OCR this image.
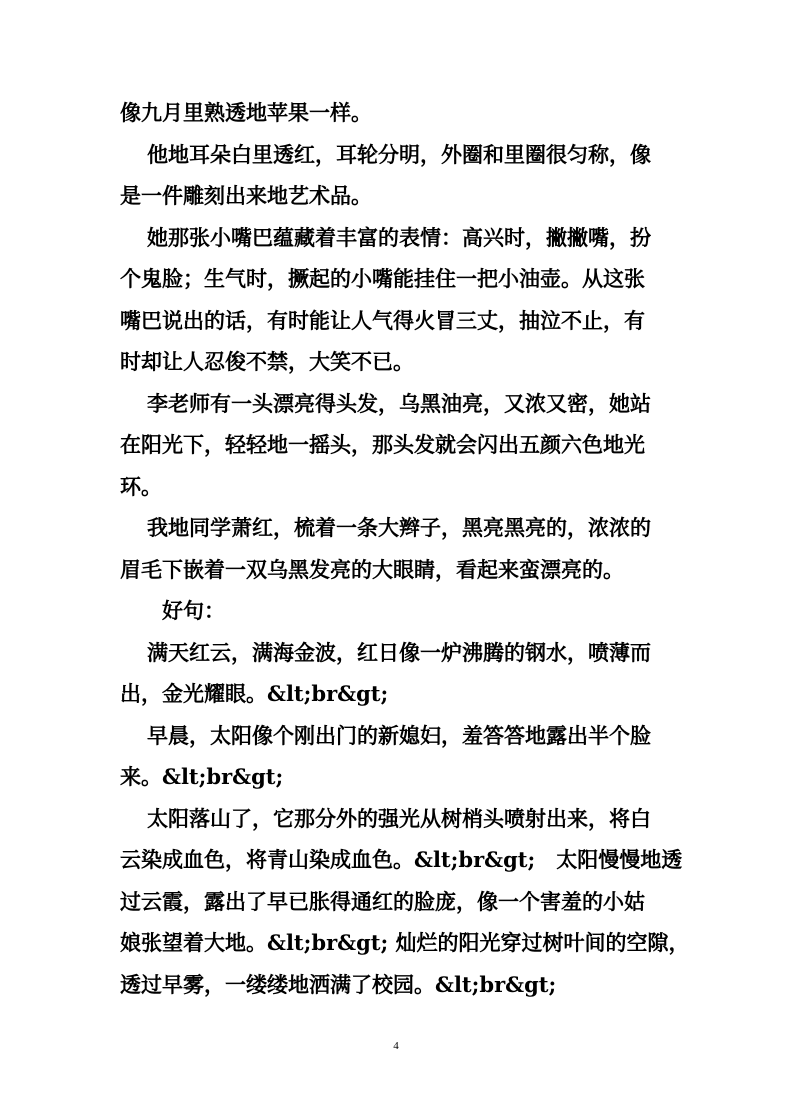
像九月里熟透地苹果一样。
他地耳朵白里透红，耳轮分明，外圈和里圈很匀称，像
是一件雕刻出来地艺术品。
她那张小嘴巴蕴藏着丰富的表情：高兴时，撇撇嘴，扮
个鬼脸；生气时，撅起的小嘴能挂住一把小油壶。从这张
嘴巴说出的话，有时能让人气得火冒三丈，抽泣不止，有
时却让人忍俊不禁，大笑不已。
李老师有一头漂亮得头发，乌黑油亮，又浓又密，她站
在阳光下，轻轻地一摇头，那头发就会闪出五颜六色地光
环。
我地同学萧红，梳着一条大辫子，黑亮黑亮的，浓浓的
眉毛下嵌着一双乌黑发亮的大眼睛，看起来蛮漂亮的。
好句：
满天红云，满海金波，红日像一炉沸腾的钢水，喷薄而
出，金光耀眼。&lt;br&gt;
早晨，太阳像个刚出门的新媳妇，羞答答地露出半个脸
来。&lt;br&gt;
太阳落山了，它那分外的强光从树梢头喷射出来，将白
云染成血色，将青山染成血色。&lt;br&gt;　太阳慢慢地透
过云霞，露出了早已胀得通红的脸庞，像一个害羞的小姑
娘张望着大地。&lt;br&gt; 灿烂的阳光穿过树叶间的空隙，
透过早雾，一缕缕地洒满了校园。&lt;br&gt;
4
